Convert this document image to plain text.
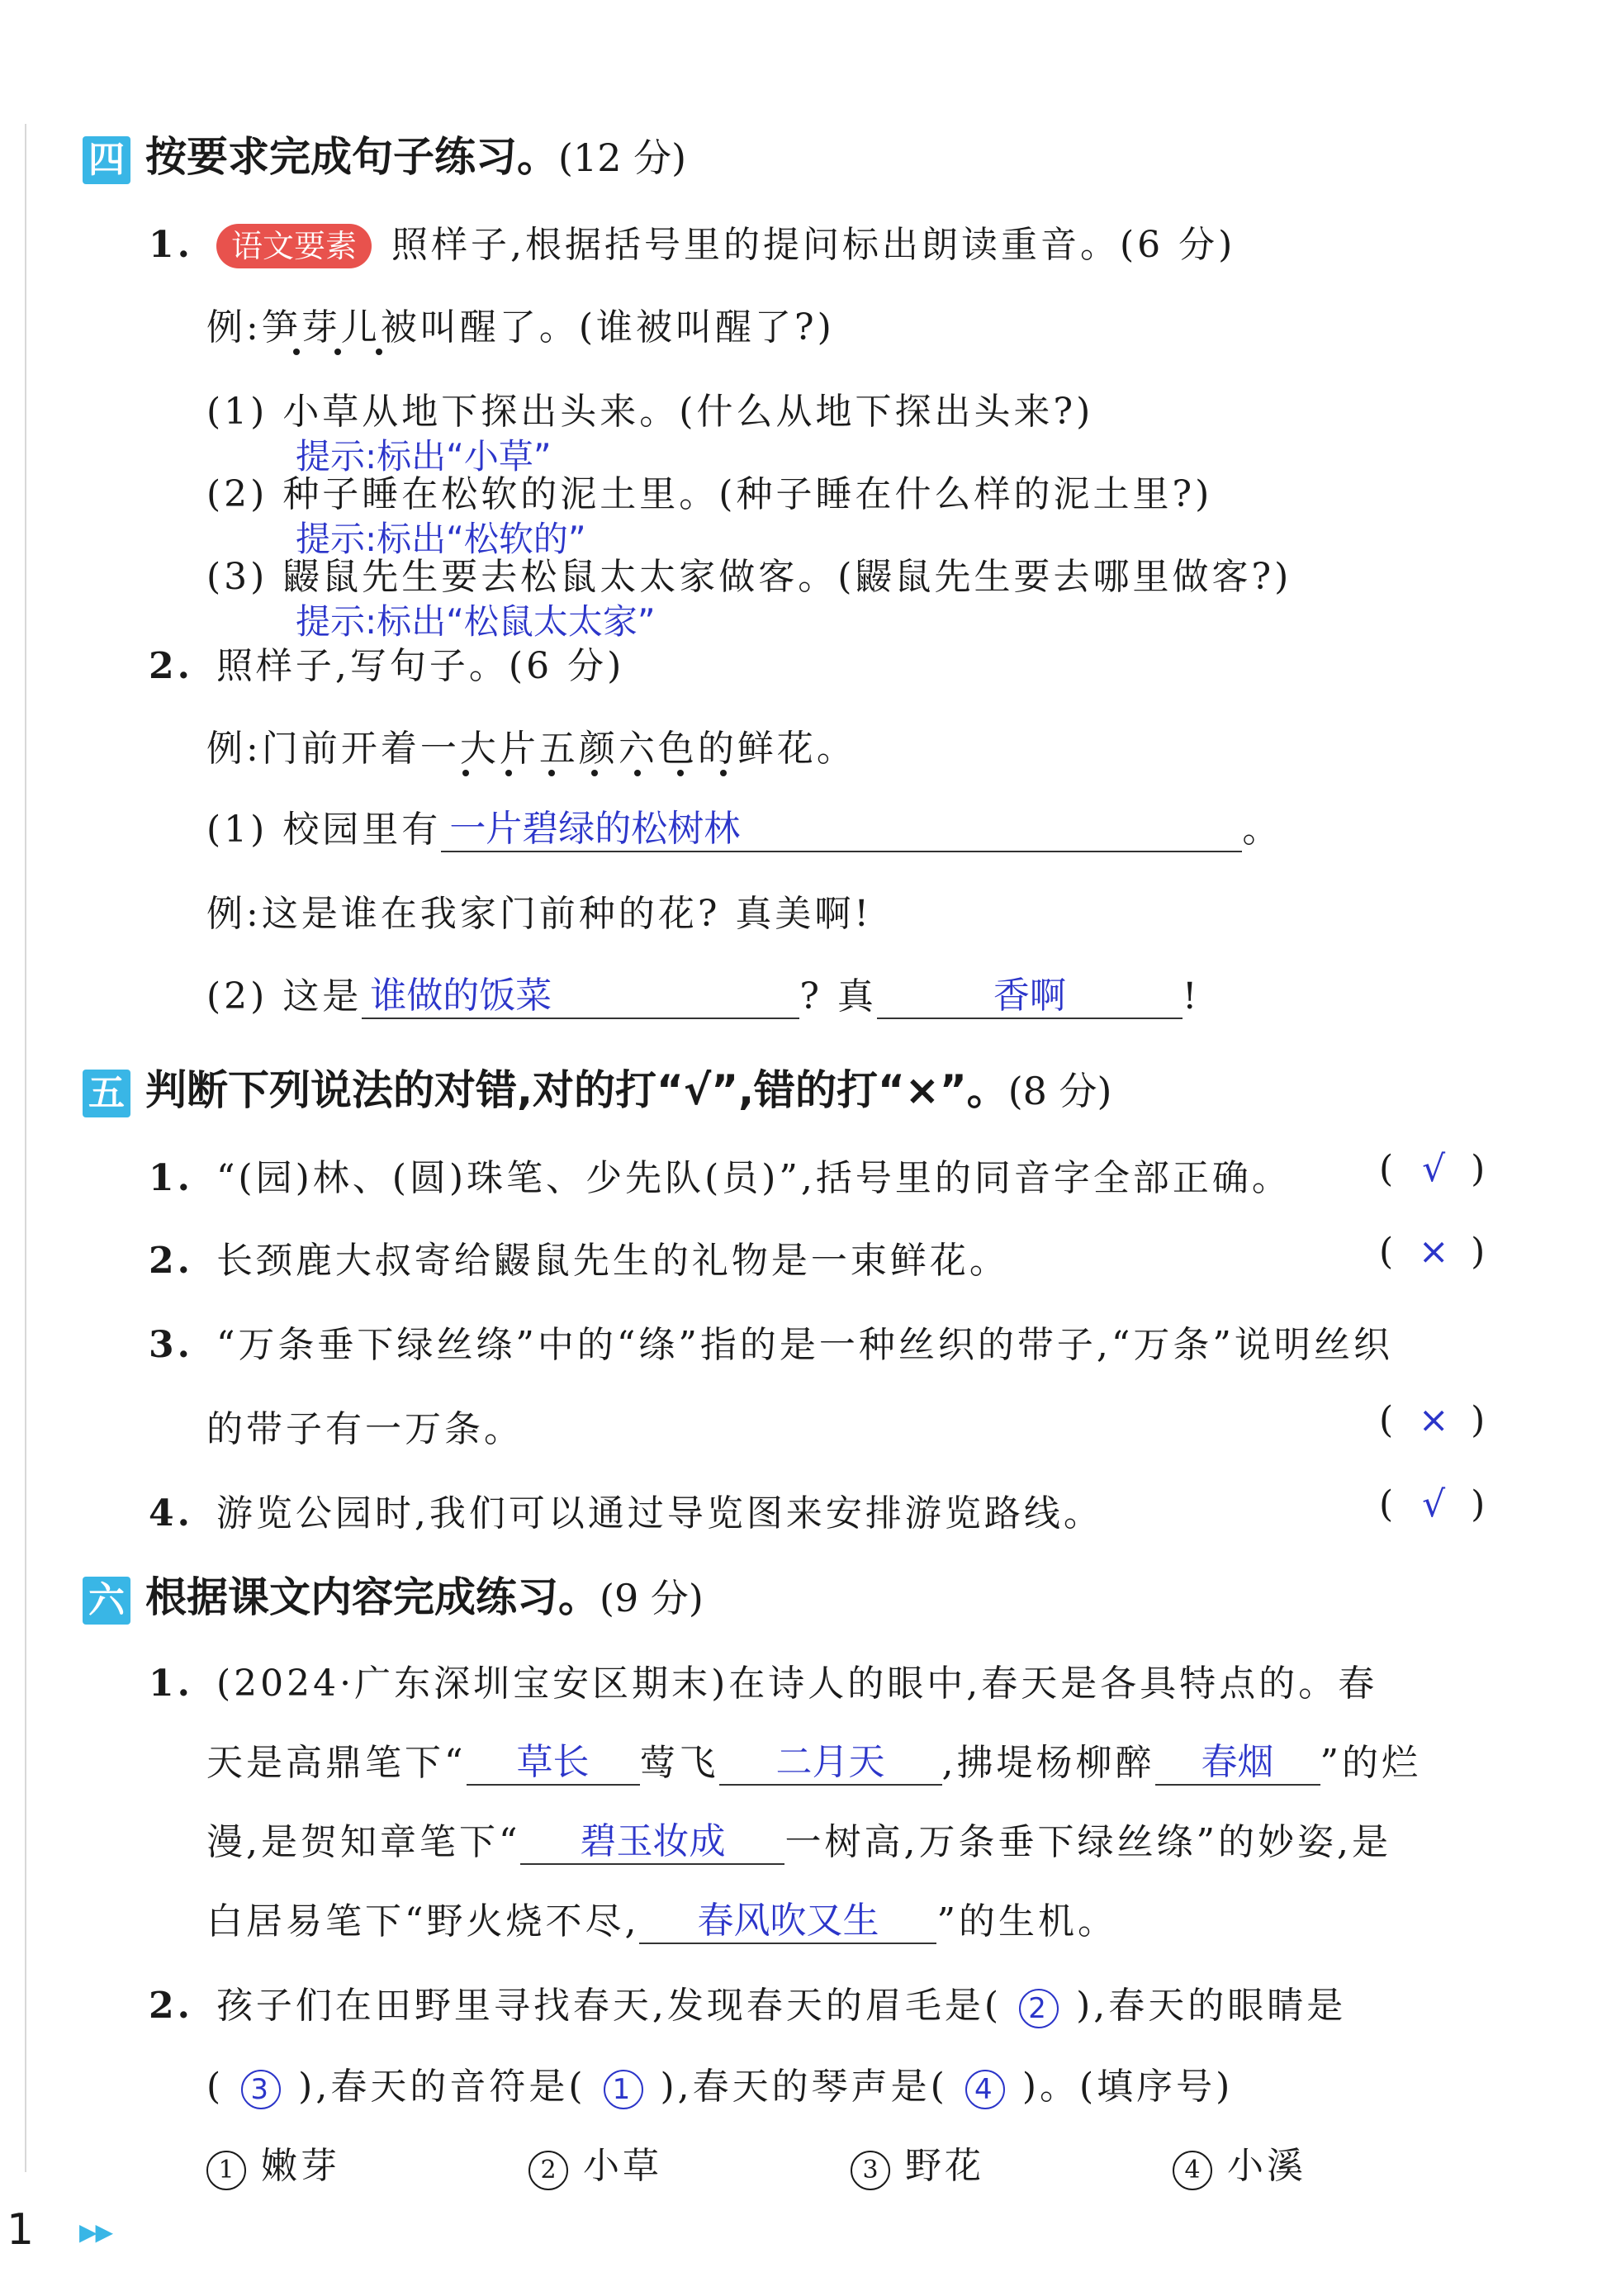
四 按要求完成句子练习。(12 分)
1. 语文要素 照样子,根据括号里的提问标出朗读重音。(6 分)
例:笋芽儿被叫醒了。(谁被叫醒了?)
(1) 小草从地下探出头来。(什么从地下探出头来?)
提示:标出“小草”
(2) 种子睡在松软的泥土里。(种子睡在什么样的泥土里?)
提示:标出“松软的”
(3) 鼹鼠先生要去松鼠太太家做客。(鼹鼠先生要去哪里做客?)
提示:标出“松鼠太太家”
2. 照样子,写句子。(6 分)
例:门前开着一大片五颜六色的鲜花。
(1) 校园里有 一片碧绿的松树林	。
例:这是谁在我家门前种的花? 真美啊!
(2) 这是 谁做的饭菜	? 真	香啊	!
五 判断下列说法的对错,对的打“√”,错的打“×”。(8 分)
1. “(园)林、(圆)珠笔、少先队(员)”,括号里的同音字全部正确。 ( √ )
2. 长颈鹿大叔寄给鼹鼠先生的礼物是一束鲜花。	( × )
3. “万条垂下绿丝绦”中的“绦”指的是一种丝织的带子,“万条”说明丝织
的带子有一万条。	( × )
4. 游览公园时,我们可以通过导览图来安排游览路线。	( √ )
六 根据课文内容完成练习。(9 分)
1. (2024·广东深圳宝安区期末)在诗人的眼中,春天是各具特点的。春
天是高鼎笔下“ 草长 莺飞 二月天 ,拂堤杨柳醉 春烟 ”的烂
漫,是贺知章笔下“ 碧玉妆成 一树高,万条垂下绿丝绦”的妙姿,是
白居易笔下“野火烧不尽, 春风吹又生 ”的生机。
2. 孩子们在田野里寻找春天,发现春天的眉毛是( 2 ),春天的眼睛是
( 3 ),春天的音符是( 1 ),春天的琴声是( 4 )。(填序号)
1 嫩芽	2 小草	3 野花	4 小溪
1 ▶▶
